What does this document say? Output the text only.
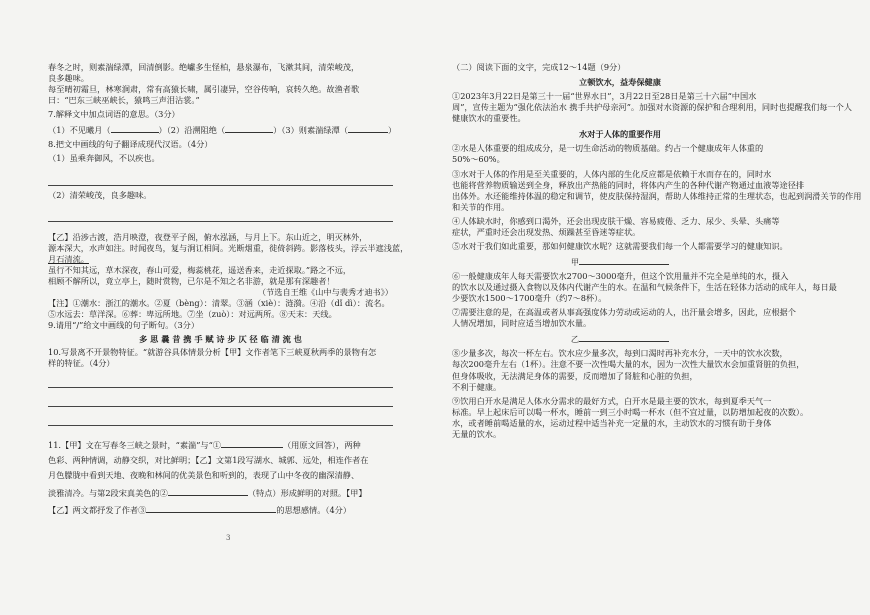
春冬之时，则素湍绿潭，回清倒影。绝巘多生怪柏，悬泉瀑布，飞漱其间，清荣峻茂，

良多趣味。

每至晴初霜旦，林寒涧肃，常有高猿长啸，属引凄异，空谷传响，哀转久绝。故渔者歌

曰：“巴东三峡巫峡长，猿鸣三声泪沾裳。”

7.解释文中加点词语的意思。（3分）

（1）不见曦月（	）（2）沿溯阻绝（	）（3）则素湍绿潭（	）

8.把文中画线的句子翻译成现代汉语。（4分）

（1）虽乘奔御风，不以疾也。

（2）清荣峻茂，良多趣味。

【乙】沿涉古渡，浩月映澄，夜登平子阁，俯水泓涵，与月上下。东山近之，明灭林外，

源本深大，水声如注。时闻夜鸟，复与涧讧相间。光断烟重，徙倚斜跨。影落枝头，浮云半遮浅蓝，

月石清流。

虽行不知其远，草木深夜，春山可爱，梅蕊桃花，遥送香来，走近探取。”路之不远，

相顾不解所以，竟立亭上，随时赏物，已尔是不知之名非游，就是那有深趣者！

（节选自王维《山中与裴秀才迪书》）

【注】①潮水：浙江的潮水。②夏（bèng）：清翠。③涵（xiè）：涟漪。④沿（dǐ dì）：流名。

⑤水远去：草洋深。⑥葬：卑远所地。⑦坐（zuò）：对远两所。⑧天末：天线。

9.请用“/”给文中画线的句子断句。（3分）

多 思 曩 昔 携 手 赋 诗 步 仄 径 临 清 流 也

10.写景离不开景物特征。“就游谷具体情景分析【甲】文作者笔下三峡夏秋两季的景物有怎

样的特征。（4分）

11.【甲】文在写春冬三峡之景时，“素湍”与“①	（用原文回答），两种

色彩、两种情调，动静交织，对比鲜明；【乙】文第1段写湖水、城郭、远处，相连作者在

月色朦胧中看到天地、夜晚和林间的优美景色和听到的，表现了山中冬夜的幽深清静、

淡雅清冷。与第2段宋真美色的②	（特点）形成鲜明的对照。【甲】

【乙】两文都抒发了作者③	的思想感情。（4分）

3

（二）阅读下面的文字，完成12～14题（9分）

立顿饮水，益寿保健康

①2023年3月22日是第三十一届“世界水日”，3月22日至28日是第三十六届“中国水

周”，宣传主题为“强化依法治水 携手共护母亲河”。加强对水资源的保护和合理利用，同时也提醒我们每一个人

健康饮水的重要性。

水对于人体的重要作用

②水是人体重要的组成成分，是一切生命活动的物质基础。约占一个健康成年人体重的

50%～60%。

③水对于人体的作用是至关重要的，人体内部的生化反应都是依赖于水而存在的，同时水

也能将营养物质输送到全身，释放出产热能的同时，将体内产生的各种代谢产物通过血液等途径排

出体外。水还能维持体温的稳定和调节，使皮肤保持湿润，帮助人体维持正常的生理状态，也起到润滑关节的作用

和关节的作用。

④人体缺水时，你感到口渴外，还会出现皮肤干燥、容易疲倦、乏力、尿少、头晕、头痛等

症状，严重时还会出现发热、烦躁甚至昏迷等症状。

⑤水对于我们如此重要，那如何健康饮水呢？这就需要我们每一个人都需要学习的健康知识。

甲

⑥一般健康成年人每天需要饮水2700～3000毫升，但这个饮用量并不完全是单纯的水，摄入

的饮水以及通过摄入食物以及体内代谢产生的水。在温和气候条件下，生活在轻体力活动的成年人，每日最

少要饮水1500～1700毫升（约7～8杯）。

⑦需要注意的是，在高温或者从事高强度体力劳动或运动的人，出汗量会增多，因此，应根据个

人情况增加，同时应适当增加饮水量。

乙

⑧少量多次，每次一杯左右。饮水应少量多次，每到口渴时再补充水分，一天中的饮水次数，

每次200毫升左右（1杯）。注意不要一次性喝大量的水，因为一次性大量饮水会加重肾脏的负担，

但身体吸收，无法满足身体的需要，反而增加了肾脏和心脏的负担，

不利于健康。

⑨饮用白开水是满足人体水分需求的最好方式，白开水是最主要的饮水，每到夏季天气一

标准。早上起床后可以喝一杯水，睡前一到三小时喝一杯水（但不宜过量，以防增加起夜的次数）。

水，或者睡前喝适量的水，运动过程中适当补充一定量的水，主动饮水的习惯有助于身体

无量的饮水。
